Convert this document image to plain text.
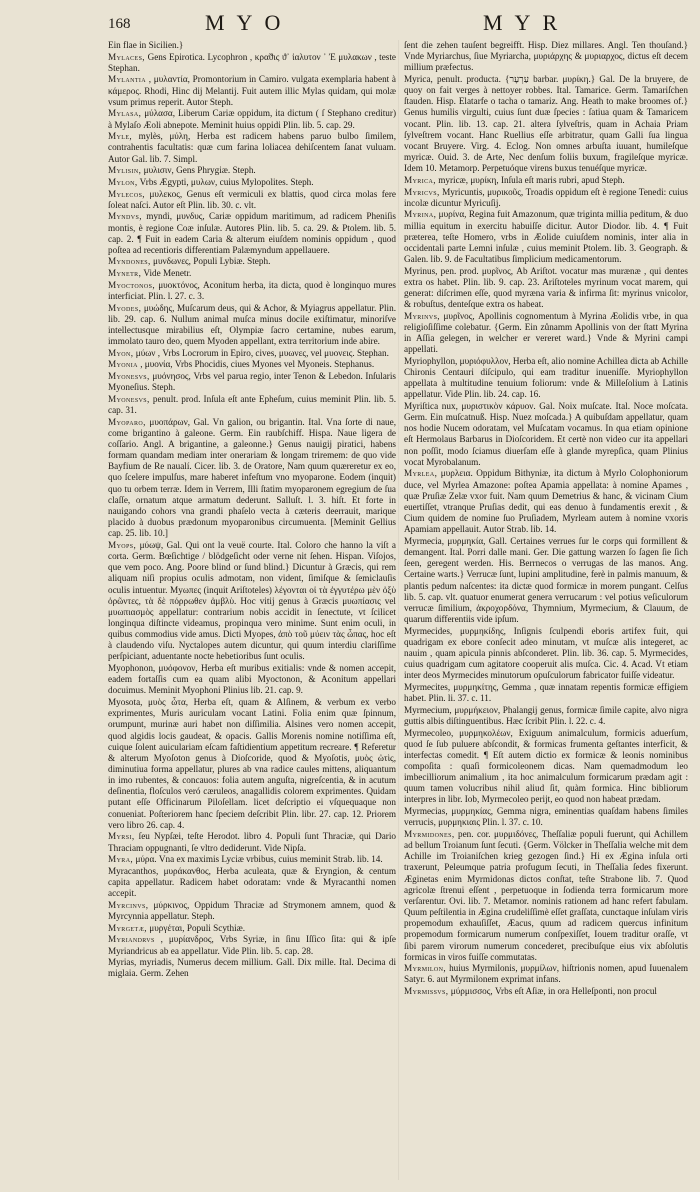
168	MYO	MYR

Ein flae in Sicilien.}

Mylaces, Gens Epirotica. Lycophron , κρα̃ϑις ϑ᾽ ἰαλυτον ᾽ Ἐ μυλακων , teste Stephan.

Mylantia , μυλαντία, Promontorium in Camiro. vulgata exemplaria habent à κάμερος. Rhodi, Hinc dij Melantij. Fuit autem illic Mylas quidam, qui molæ vsum primus reperit. Autor Steph.

Mylasa, μύλασα, Liberum Cariæ oppidum, ita dictum ( ſ Stephano creditur) à Mylaſo Æoli abnepote. Meminit huius oppidi Plin. lib. 5. cap. 29.

Myle, mylès, μύλη, Herba est radicem habens paruo bulbo ſimilem, contrahentis facultatis: quæ cum farina loliacea dehiſcentem ſanat vuluam. Autor Gal. lib. 7. Simpl.

Mylisin, μυλισιν, Gens Phrygiæ. Steph.

Mylon, Vrbs Ægypti, μυλων, cuius Mylopolites. Steph.

Mylecos, μυλεκος, Genus eſt vermiculi ex blattis, quod circa molas fere ſoleat naſci. Autor eſt Plin. lib. 30. c. vlt.

Myndvs, myndi, μυνδυς, Cariæ oppidum maritimum, ad radicem Pheniſis montis, è regione Coæ inſulæ. Autores Plin. lib. 5. ca. 29. & Ptolem. lib. 5. cap. 2. ¶ Fuit in eadem Caria & alterum eiuſdem nominis oppidum , quod poſtea ad recentioris differentiam Palæmyndum appellauere.

Myndones, μυνδωνες, Populi Lybiæ. Steph.

Mynetr, Vide Menetr.

Myoctonos, μυοκτόνος, Aconitum herba, ita dicta, quod è longinquo mures interficiat. Plin. l. 27. c. 3.

Myodes, μυώδης, Muſcarum deus, qui & Achor, & Myiagrus appellatur. Plin. lib. 29. cap. 6. Nullum animal muſca minus docile exiſtimatur, minoriſve intellectusque mirabilius eſt, Olympiæ ſacro certamine, nubes earum, immolato tauro deo, quem Myoden appellant, extra territorium inde abire.

Myon, μύων , Vrbs Locrorum in Epiro, cives, μυωνες, vel μυονεις. Stephan.

Myonia , μυονία, Vrbs Phocidis, ciues Myones vel Myoneis. Stephanus.

Myonesvs, μυόνησος, Vrbs vel parua regio, inter Tenon & Lebedon. Inſularis Myoneſius. Steph.

Myonesvs, penult. prod. Inſula eſt ante Epheſum, cuius meminit Plin. lib. 5. cap. 31.

Myoparo, μυοπάρων, Gal. Vn galion, ou brigantin. Ital. Vna ſorte di naue, come brigantino à galeone. Germ. Ein raubſchiff. Hispa. Naue ligera de coſſario. Angl. A brigantine, a galeonne.} Genus nauigij piratici, habens formam quandam mediam inter onerariam & longam triremem: de quo vide Bayfium de Re naualí. Cicer. lib. 3. de Oratore, Nam quum quæreretur ex eo, quo ſcelere impulſus, mare haberet infeſtum vno myoparone. Eodem (inquit) quo tu orbem terræ. Idem in Verrem, Illi ſtatim myoparonem egregium de ſua claſſe, ornatum atque armatum dederunt. Salluſt. l. 3. hiſt. Et forte in nauigando cohors vna grandi phaſelo vecta à cæteris deerrauit, marique placido à duobus prædonum myoparonibus circumuenta. [Meminit Gellius cap. 25. lib. 10.]

Myops, μύωψ, Gal. Qui ont la veuë courte. Ital. Coloro che hanno la viſt a corta. Germ. Bœſichtige / blödgeſicht oder verne nit ſehen. Hispan. Viſojos, que vem poco. Ang. Poore blind or ſund blind.} Dicuntur à Græcis, qui rem aliquam niſi propius oculis admotam, non vident, ſimiſque & ſemiclauſis oculis intuentur. Myωπες (inquit Ariſtoteles) λέγονται οἱ τὰ ἐγγυτέρω μὲν ὀξὺ ὁρῶντες, τὰ δὲ πόρρωθεν ἀμβλὺ. Hoc vitij genus à Græcis μυωπίασις vel μυωπιασμὸς appellatur: contrarium nobis accidit in ſenectute, vt ſcilicet longinqua diſtincte videamus, propinqua vero minime. Sunt enim oculi, in quibus commodius vide amus. Dicti Myopes, ἀπὸ τοῦ μύειν τὰς ὦπας, hoc eſt à claudendo viſu. Nyctalopes autem dicuntur, qui quum interdiu clariſſime perſpiciant, aduentante nocte hebetioribus ſunt oculis.

Myophonon, μυόφονον, Herba eſt muribus exitialis: vnde & nomen accepit, eadem fortaſſis cum ea quam alibi Myoctonon, & Aconitum appellari docuimus. Meminit Myophoni Plinius lib. 21. cap. 9.

Myosota, μυὸς ὦτα, Herba eſt, quam & Alſinem, & verbum ex verbo exprimentes, Muris auriculam vocant Latini. Folia enim quæ ſpinnum, orumpunt, murinæ auri habet non diſſimilia. Alsines vero nomen accepit, quod algidis locis gaudeat, & opacis. Gallis Morenis nomine notiſſima eſt, cuique ſolent auiculariam eſcam faſtidientium appetitum recreare. ¶ Referetur & alterum Myoſoton genus à Dioſcoride, quod & Myoſotis, μυὸς ὠτὶς, diminutiua forma appellatur, plures ab vna radice caules mittens, aliquantum in imo rubentes, & concauos: folia autem anguſta, nigreſcentia, & in acutum deſinentia, floſculos veró cæruleos, anagallidis colorem exprimentes. Quidam putant eſſe Officinarum Piloſellam. licet deſcriptio ei vſquequaque non conueniat. Poſteriorem hanc ſpeciem deſcribit Plin. libr. 27. cap. 12. Priorem vero libro 26. cap. 4.

Myrsi, ſeu Nypſæi, teſte Herodot. libro 4. Populi ſunt Thraciæ, qui Dario Thraciam oppugnanti, ſe vltro dediderunt. Vide Nipſa.

Myra, μύρα. Vna ex maximis Lyciæ vrbibus, cuius meminit Strab. lib. 14.

Myracanthos, μυράκανθος, Herba aculeata, quæ & Eryngion, & centum capita appellatur. Radicem habet odoratam: vnde & Myracanthi nomen accepit.

Myrcinvs, μύρκινος, Oppidum Thraciæ ad Strymonem amnem, quod & Myrcynnia appellatur. Steph.

Myrgetæ, μυργέται, Populi Scythiæ.

Myriandrvs , μυρίανδρος, Vrbs Syriæ, in ſinu Iſſico ſita: qui & ipſe Myriandricus ab ea appellatur. Vide Plin. lib. 5. cap. 28.

Myrias, myriadis, Numerus decem millium. Gall. Dix mille. Ital. Decima di miglaia. Germ. Zehen

ſent die zehen tauſent begreifft. Hisp. Diez millares. Angl. Ten thouſand.} Vnde Myriarchus, ſiue Myriarcha, μυριάρχης & μυριαρχος, dictus eſt decem millium præfectus.

Myrica, penult. producta. {עַרְעָר barbar. μυρίκη.} Gal. De la bruyere, de quoy on fait verges à nettoyer robbes. Ital. Tamarice. Germ. Tamariſchen ſtauden. Hisp. Elatarfe o tacha o tamariz. Ang. Heath to make broomes of.} Genus humilis virgulti, cuius ſunt duæ ſpecies : ſatiua quam & Tamaricem vocant. Plin. lib. 13. cap. 21. altera ſylveſtris, quam in Achaia Priam ſylveſtrem vocant. Hanc Ruellius eſſe arbitratur, quam Galli ſua lingua vocant Bruyere. Virg. 4. Eclog. Non omnes arbuſta iuuant, humileſque myricæ. Ouid. 3. de Arte, Nec denſum foliis buxum, fragileſque myricæ. Idem 10. Metamorp. Perpetuóque virens buxus tenuéſque myricæ.

Myrica, myricæ, μυρίκη, Inſula eſt maris rubri, apud Steph.

Myricvs, Myricuntis, μυρικοῦς, Troadis oppidum eſt è regione Tenedi: cuius incolæ dicuntur Myricuſij.

Myrina, μυρίνα, Regina fuit Amazonum, quæ triginta millia peditum, & duo millia equitum in exercitu habuiſſe dicitur. Autor Diodor. lib. 4. ¶ Fuit præterea, teſte Homero, vrbs in Æolide cuiuſdem nominis, inter alia in occidentali parte Lemni inſulæ , cuius meminit Ptolem. lib. 3. Geograph. & Galen. lib. 9. de Facultatibus ſimplicium medicamentorum.

Myrinus, pen. prod. μυρῖνος, Ab Ariſtot. vocatur mas murænæ , qui dentes extra os habet. Plin. lib. 9. cap. 23. Ariſtoteles myrinum vocat marem, qui generat: diſcrimen eſſe, quod myræna varia & infirma ſit: myrinus vnicolor, & robuſtus, denteſque extra os habeat.

Myrinvs, μυρῖνος, Apollinis cognomentum à Myrina Æolidis vrbe, in qua religioſiſſime colebatur. {Germ. Ein zůnamm Apollinis von der ſtatt Myrina in Aſſia gelegen, in welcher er vereret ward.} Vnde & Myrini campi appellati.

Myriophyllon, μυριόφυλλον, Herba eſt, alio nomine Achillea dicta ab Achille Chironis Centauri diſcipulo, qui eam traditur inueniſſe. Myriophyllon appellata à multitudine tenuium foliorum: vnde & Milleſolium à Latinis appellatur. Vide Plin. lib. 24. cap. 16.

Myriſtica nux, μυριστικὸν κάρυον. Gal. Noix muſcate. Ital. Noce moſcata. Germ. Ein muſcatnuß. Hisp. Nuez moſcada.} A quibuſdam appellatur, quam nos hodie Nucem odoratam, vel Muſcatam vocamus. In qua etiam opinione eſt Hermolaus Barbarus in Dioſcoridem. Et certè non video cur ita appellari non poſſit, modo ſciamus diuerſam eſſe à glande myrepſica, quam Plinius vocat Myrobalanum.

Myrlea, μυρλεια. Oppidum Bithyniæ, ita dictum à Myrlo Colophoniorum duce, vel Myrlea Amazone: poſtea Apamia appellata: à nomine Apames , quæ Pruſiæ Zelæ vxor fuit. Nam quum Demetrius & hanc, & vicinam Cium euertiſſet, vtranque Pruſias dedit, qui eas denuo à fundamentis erexit , & Cium quidem de nomine ſuo Pruſiadem, Myrleam autem à nomine vxoris Apamiam appellauit. Autor Strab. lib. 14.

Myrmecia, μυρμηκία, Gall. Certaines verrues ſur le corps qui formillent & demangent. Ital. Porri dalle mani. Ger. Die gattung warzen ſo ſagen ſie ſich ſeen, geregent werden. His. Berrnecos o verrugas de las manos. Ang. Certaine warts.} Verrucæ ſunt, lupini amplitudine, ferè in palmis manuum, & plantis pedum naſcentes: ita dictæ quod formicæ in morem pungant. Celſus lib. 5. cap. vlt. quatuor enumerat genera verrucarum : vel potius veſiculorum verrucæ ſimilium, ἀκροχορδόνα, Thymnium, Myrmecium, & Clauum, de quarum differentiis vide ipſum.

Myrmecides, μυρμηκίδης, Inſignis ſculpendi eboris artifex fuit, qui quadrigam ex ebore conſecit adeo minutam, vt muſcæ alis integeret, ac nauim , quam apicula pinnis abſconderet. Plin. lib. 36. cap. 5. Myrmecides, cuius quadrigam cum agitatore cooperuit alis muſca. Cic. 4. Acad. Vt etiam inter deos Myrmecides minutorum opuſculorum fabricator fuiſſe videatur.

Myrmecites, μυρμηκίτης, Gemma , quæ innatam repentis formicæ effigiem habet. Plin. li. 37. c. 11.

Myrmecium, μυρμήκειον, Phalangij genus, formicæ ſimile capite, alvo nigra guttis albis diſtinguentibus. Hæc ſcribit Plin. l. 22. c. 4.

Myrmecoleo, μυρμηκολέων, Exiguum animalculum, formicis aduerſum, quod ſe ſub puluere abſcondit, & formicas frumenta geſtantes interficit, & interfectas comedit. ¶ Eſt autem dictio ex formicæ & leonis nominibus compoſita : quaſi formicoleonem dicas. Nam quemadmodum leo imbecilliorum animalium , ita hoc animalculum formicarum prædam agit : quum tamen volucribus nihil aliud ſit, quàm formica. Hinc bibliorum interpres in libr. Iob, Myrmecoleo perijt, eo quod non habeat prædam.

Myrmecias, μυρμηκίας, Gemma nigra, eminentias quaſdam habens ſimiles verrucis, μυρμηκιαις Plin. l. 37. c. 10.

Myrmidones, pen. cor. μυρμιδόνες, Theſſaliæ populi fuerunt, qui Achillem ad bellum Troianum ſunt ſecuti. {Germ. Völcker in Theſſalia welche mit dem Achille im Troianiſchen krieg gezogen ſind.} Hi ex Ægina inſula orti traxerunt, Peleumque patria profugum ſecuti, in Theſſalia ſedes fixerunt. Æginetas enim Myrmidonas dictos conſtat, teſte Strabone lib. 7. Quod agricolæ ſtrenui eſſent , perpetuoque in ſodienda terra formicarum more verſarentur. Ovi. lib. 7. Metamor. nominis rationem ad hanc refert fabulam. Quum peſtilentia in Ægina crudeliſſimè eſſet graſſata, cunctaque inſulam viris propemodum exhauſiſſet, Æacus, quum ad radicem quercus infinitum propemodum formicarum numerum conſpexiſſet, Iouem traditur oraſſe, vt ſibi parem virorum numerum concederet, precibuſque eius vix abſolutis formicas in viros fuiſſe commutatas.

Myrmilon, huius Myrmilonis, μυρμίλων, hiſtrionis nomen, apud Iuuenalem Satyr. 6. aut Myrmilonem exprimat infans.

Myrmissvs, μύρμισσος, Vrbs eſt Aſiæ, in ora Helleſponti, non procul
